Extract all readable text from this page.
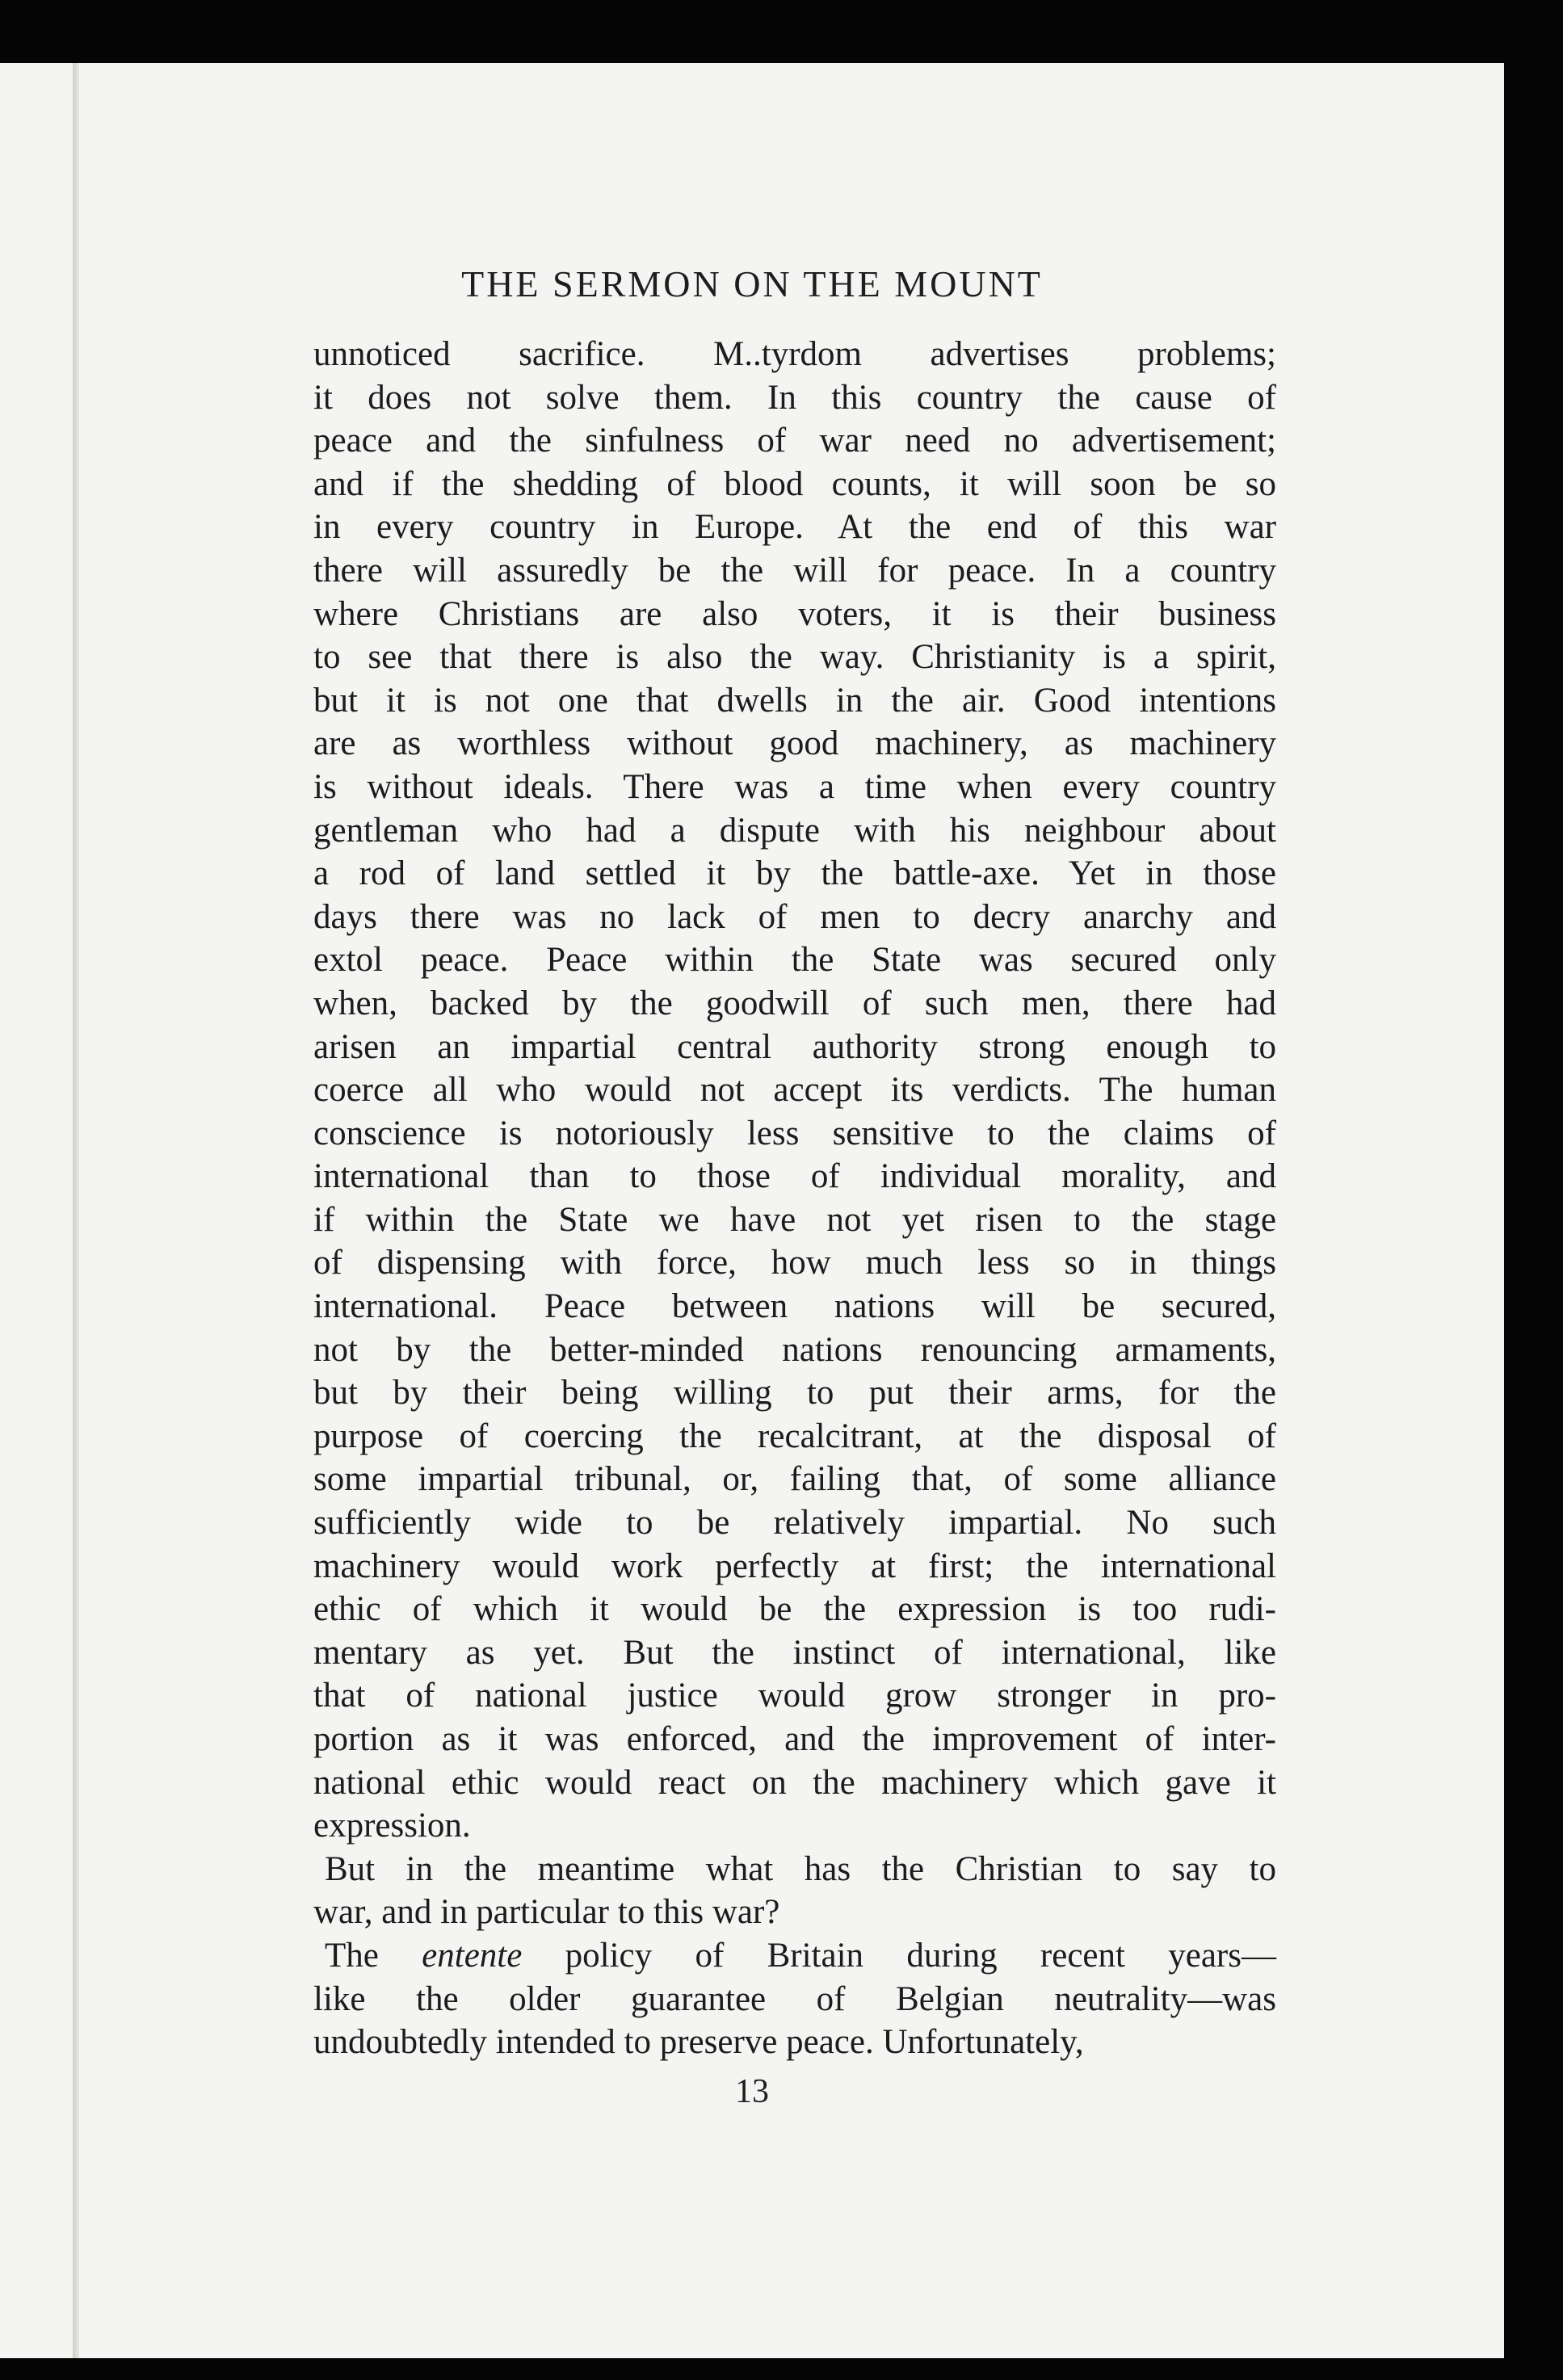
THE SERMON ON THE MOUNT
unnoticed sacrifice. M..tyrdom advertises problems;
it does not solve them. In this country the cause of
peace and the sinfulness of war need no advertisement;
and if the shedding of blood counts, it will soon be so
in every country in Europe. At the end of this war
there will assuredly be the will for peace. In a country
where Christians are also voters, it is their business
to see that there is also the way. Christianity is a spirit,
but it is not one that dwells in the air. Good intentions
are as worthless without good machinery, as machinery
is without ideals. There was a time when every country
gentleman who had a dispute with his neighbour about
a rod of land settled it by the battle-axe. Yet in those
days there was no lack of men to decry anarchy and
extol peace. Peace within the State was secured only
when, backed by the goodwill of such men, there had
arisen an impartial central authority strong enough to
coerce all who would not accept its verdicts. The human
conscience is notoriously less sensitive to the claims of
international than to those of individual morality, and
if within the State we have not yet risen to the stage
of dispensing with force, how much less so in things
international. Peace between nations will be secured,
not by the better-minded nations renouncing armaments,
but by their being willing to put their arms, for the
purpose of coercing the recalcitrant, at the disposal of
some impartial tribunal, or, failing that, of some alliance
sufficiently wide to be relatively impartial. No such
machinery would work perfectly at first; the international
ethic of which it would be the expression is too rudi-
mentary as yet. But the instinct of international, like
that of national justice would grow stronger in pro-
portion as it was enforced, and the improvement of inter-
national ethic would react on the machinery which gave it
expression.
But in the meantime what has the Christian to say to
war, and in particular to this war?
The entente policy of Britain during recent years—
like the older guarantee of Belgian neutrality—was
undoubtedly intended to preserve peace. Unfortunately,
13
